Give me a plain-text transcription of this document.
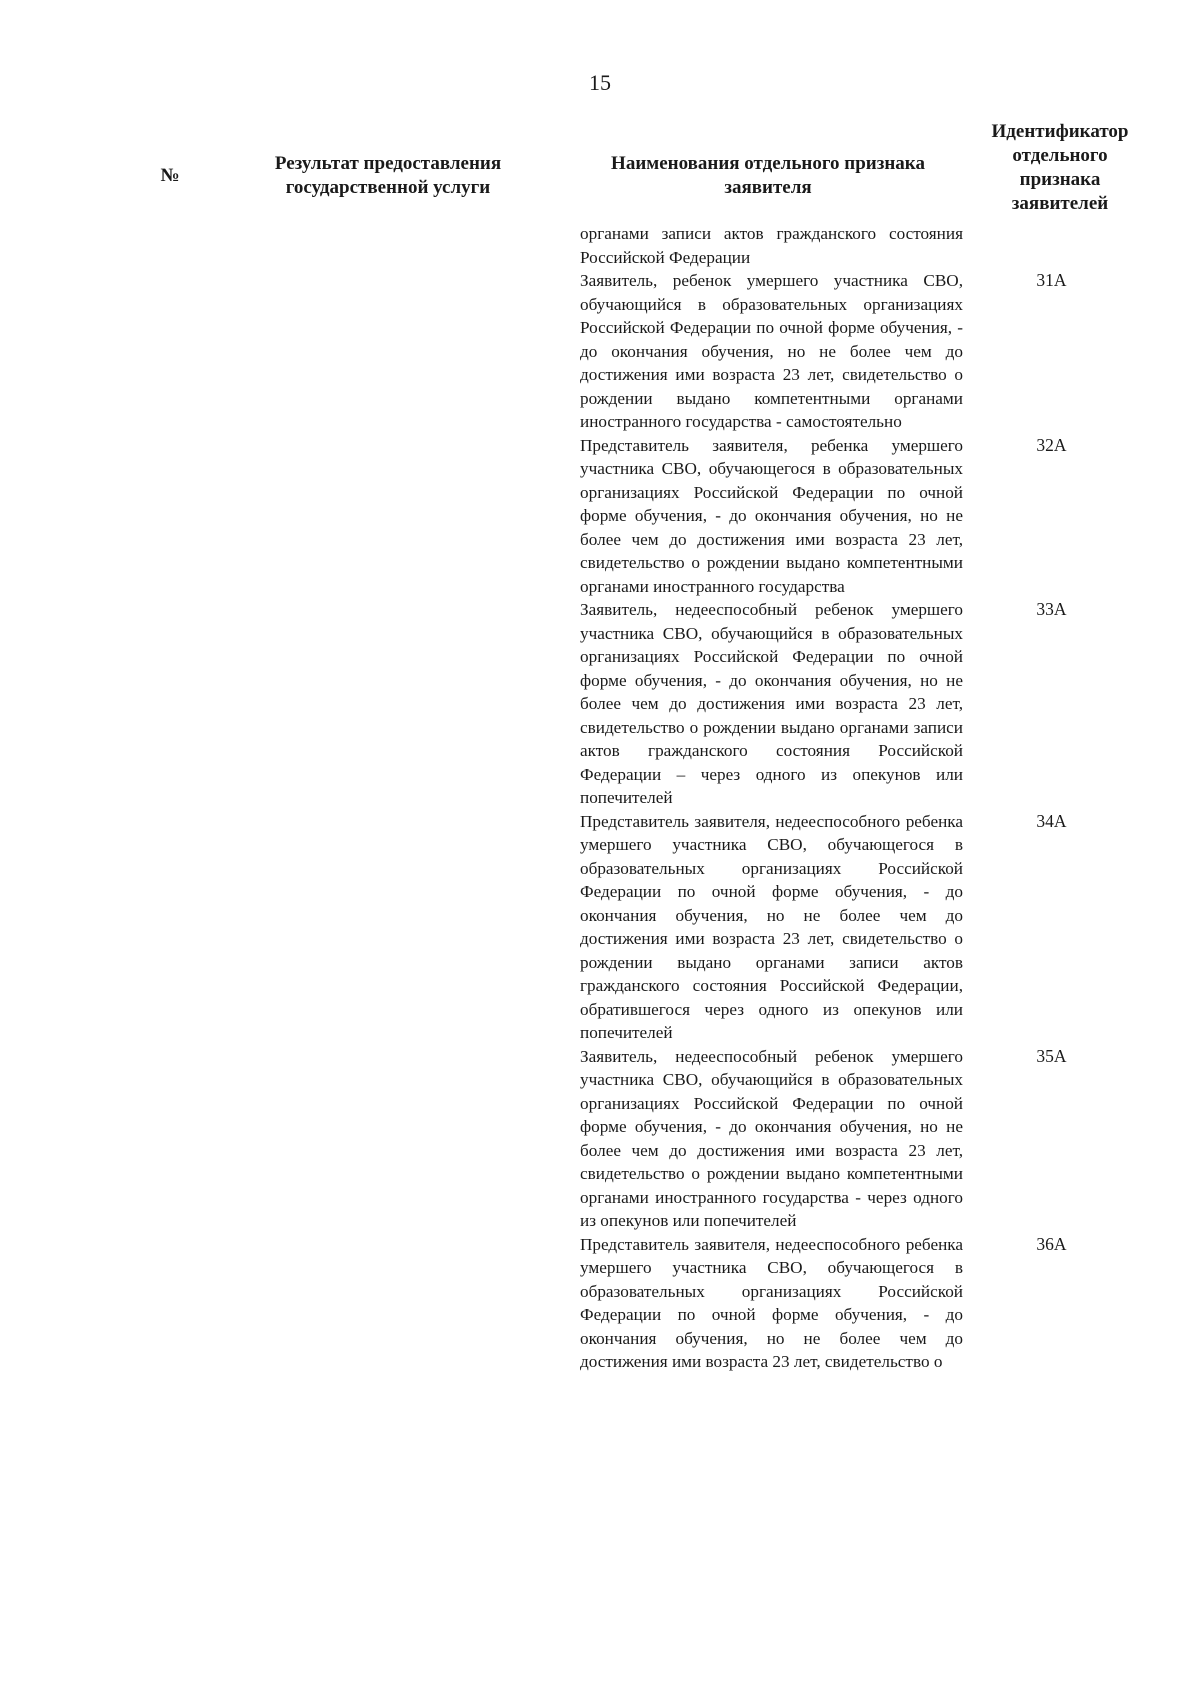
15
№
Результат предоставления государственной услуги
Наименования отдельного признака заявителя
Идентификатор отдельного признака заявителей
органами записи актов гражданского состояния Российской Федерации
Заявитель, ребенок умершего участника СВО, обучающийся в образовательных организациях Российской Федерации по очной форме обучения, - до окончания обучения, но не более чем до достижения ими возраста 23 лет, свидетельство о рождении выдано компетентными органами иностранного государства - самостоятельно
31А
Представитель заявителя, ребенка умершего участника СВО, обучающегося в образовательных организациях Российской Федерации по очной форме обучения, - до окончания обучения, но не более чем до достижения ими возраста 23 лет, свидетельство о рождении выдано компетентными органами иностранного государства
32А
Заявитель, недееспособный ребенок умершего участника СВО, обучающийся в образовательных организациях Российской Федерации по очной форме обучения, - до окончания обучения, но не более чем до достижения ими возраста 23 лет, свидетельство о рождении выдано органами записи актов гражданского состояния Российской Федерации – через одного из опекунов или попечителей
33А
Представитель заявителя, недееспособного ребенка умершего участника СВО, обучающегося в образовательных организациях Российской Федерации по очной форме обучения, - до окончания обучения, но не более чем до достижения ими возраста 23 лет, свидетельство о рождении выдано органами записи актов гражданского состояния Российской Федерации, обратившегося через одного из опекунов или попечителей
34А
Заявитель, недееспособный ребенок умершего участника СВО, обучающийся в образовательных организациях Российской Федерации по очной форме обучения, - до окончания обучения, но не более чем до достижения ими возраста 23 лет, свидетельство о рождении выдано компетентными органами иностранного государства - через одного из опекунов или попечителей
35А
Представитель заявителя, недееспособного ребенка умершего участника СВО, обучающегося в образовательных организациях Российской Федерации по очной форме обучения, - до окончания обучения, но не более чем до достижения ими возраста 23 лет, свидетельство о
36А
